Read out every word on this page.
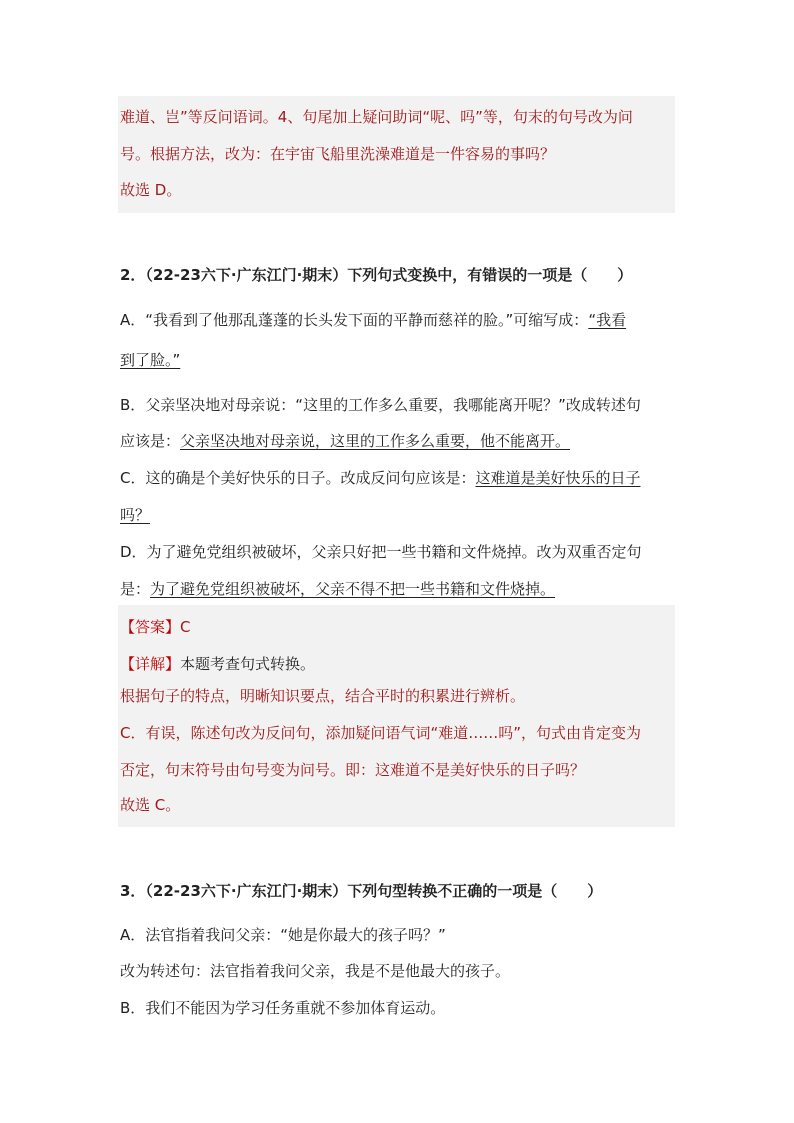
难道、岂”等反问语词。4、句尾加上疑问助词“呢、吗”等，句末的句号改为问
号。根据方法，改为：在宇宙飞船里洗澡难道是一件容易的事吗？
故选 D。
2．（22-23六下·广东江门·期末）下列句式变换中，有错误的一项是（　　）
A．“我看到了他那乱蓬蓬的长头发下面的平静而慈祥的脸。”可缩写成：“我看
到了脸。”
B．父亲坚决地对母亲说：“这里的工作多么重要，我哪能离开呢？”改成转述句
应该是：父亲坚决地对母亲说，这里的工作多么重要，他不能离开。
C．这的确是个美好快乐的日子。改成反问句应该是：这难道是美好快乐的日子
吗？
D．为了避免党组织被破坏，父亲只好把一些书籍和文件烧掉。改为双重否定句
是：为了避免党组织被破坏，父亲不得不把一些书籍和文件烧掉。
【答案】C
【详解】本题考查句式转换。
根据句子的特点，明晰知识要点，结合平时的积累进行辨析。
C．有误，陈述句改为反问句，添加疑问语气词“难道……吗”，句式由肯定变为
否定，句末符号由句号变为问号。即：这难道不是美好快乐的日子吗？
故选 C。
3．（22-23六下·广东江门·期末）下列句型转换不正确的一项是（　　）
A．法官指着我问父亲：“她是你最大的孩子吗？”
改为转述句：法官指着我问父亲，我是不是他最大的孩子。
B．我们不能因为学习任务重就不参加体育运动。
